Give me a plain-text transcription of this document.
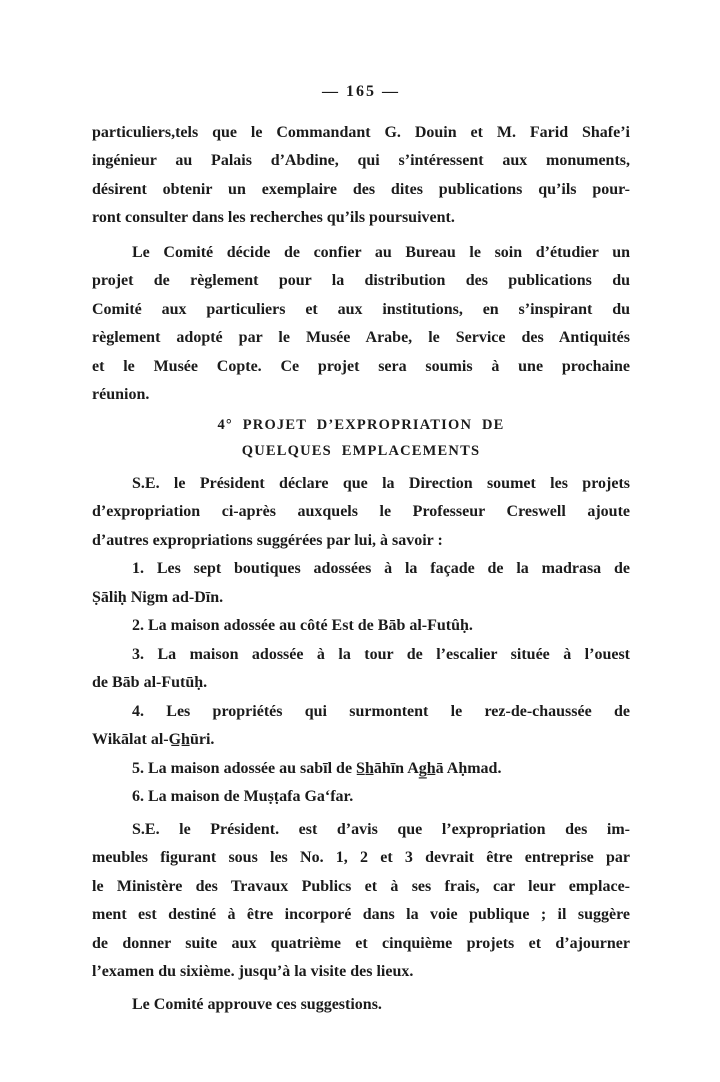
— 165 —
particuliers,tels que le Commandant G. Douin et M. Farid Shafe’i
ingénieur au Palais d’Abdine, qui s’intéressent aux monuments,
désirent obtenir un exemplaire des dites publications qu’ils pour-
ront consulter dans les recherches qu’ils poursuivent.
Le Comité décide de confier au Bureau le soin d’étudier un
projet de règlement pour la distribution des publications du
Comité aux particuliers et aux institutions, en s’inspirant du
règlement adopté par le Musée Arabe, le Service des Antiquités
et le Musée Copte. Ce projet sera soumis à une prochaine
réunion.
4° PROJET D’EXPROPRIATION DE
QUELQUES EMPLACEMENTS
S.E. le Président déclare que la Direction soumet les projets
d’expropriation ci-après auxquels le Professeur Creswell ajoute
d’autres expropriations suggérées par lui, à savoir :
1. Les sept boutiques adossées à la façade de la madrasa de
Ṣāliḥ Nigm ad-Dīn.
2. La maison adossée au côté Est de Bāb al-Futûḥ.
3. La maison adossée à la tour de l’escalier située à l’ouest
de Bāb al-Futūḥ.
4. Les propriétés qui surmontent le rez-de-chaussée de
Wikālat al-G̲h̲ūri.
5. La maison adossée au sabīl de S̲h̲āhīn Ag̲h̲ā Aḥmad.
6. La maison de Muṣṭafa Ga‘far.
S.E. le Président. est d’avis que l’expropriation des im-
meubles figurant sous les No. 1, 2 et 3 devrait être entreprise par
le Ministère des Travaux Publics et à ses frais, car leur emplace-
ment est destiné à être incorporé dans la voie publique ; il suggère
de donner suite aux quatrième et cinquième projets et d’ajourner
l’examen du sixième. jusqu’à la visite des lieux.
Le Comité approuve ces suggestions.
